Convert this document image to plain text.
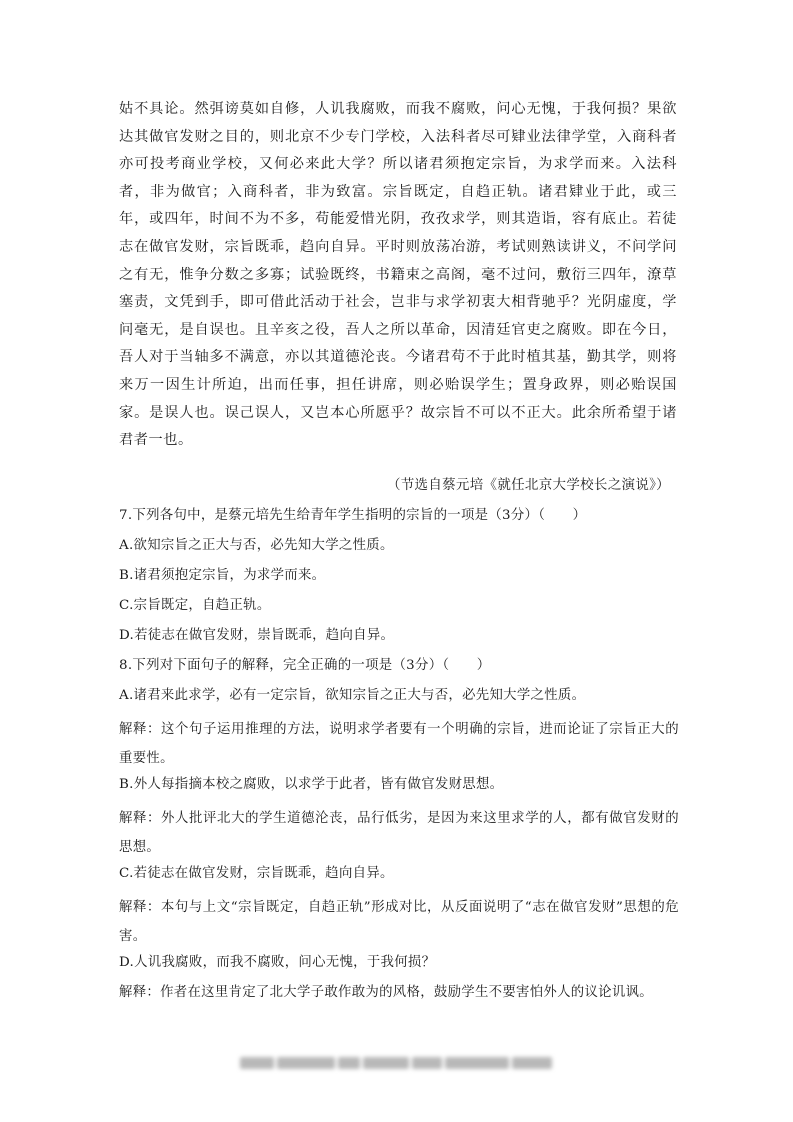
姑不具论。然弭谤莫如自修，人讥我腐败，而我不腐败，问心无愧，于我何损？果欲达其做官发财之目的，则北京不少专门学校，入法科者尽可肄业法律学堂，入商科者亦可投考商业学校，又何必来此大学？所以诸君须抱定宗旨，为求学而来。入法科者，非为做官；入商科者，非为致富。宗旨既定，自趋正轨。诸君肄业于此，或三年，或四年，时间不为不多，苟能爱惜光阴，孜孜求学，则其造诣，容有底止。若徒志在做官发财，宗旨既乖，趋向自异。平时则放荡冶游，考试则熟读讲义，不问学问之有无，惟争分数之多寡；试验既终，书籍束之高阁，毫不过问，敷衍三四年，潦草塞责，文凭到手，即可借此活动于社会，岂非与求学初衷大相背驰乎？光阴虚度，学问毫无，是自误也。且辛亥之役，吾人之所以革命，因清廷官吏之腐败。即在今日，吾人对于当轴多不满意，亦以其道德沦丧。今诸君苟不于此时植其基，勤其学，则将来万一因生计所迫，出而任事，担任讲席，则必贻误学生；置身政界，则必贻误国家。是误人也。误己误人，又岂本心所愿乎？故宗旨不可以不正大。此余所希望于诸君者一也。

（节选自蔡元培《就任北京大学校长之演说》）
7.下列各句中，是蔡元培先生给青年学生指明的宗旨的一项是（3分）（　　）
A.欲知宗旨之正大与否，必先知大学之性质。
B.诸君须抱定宗旨，为求学而来。
C.宗旨既定，自趋正轨。
D.若徒志在做官发财，崇旨既乖，趋向自异。
8.下列对下面句子的解释，完全正确的一项是（3分）（　　）
A.诸君来此求学，必有一定宗旨，欲知宗旨之正大与否，必先知大学之性质。
解释：这个句子运用推理的方法，说明求学者要有一个明确的宗旨，进而论证了宗旨正大的重要性。
B.外人每指摘本校之腐败，以求学于此者，皆有做官发财思想。
解释：外人批评北大的学生道德沦丧，品行低劣，是因为来这里求学的人，都有做官发财的思想。
C.若徒志在做官发财，宗旨既乖，趋向自异。
解释：本句与上文“宗旨既定，自趋正轨”形成对比，从反面说明了“志在做官发财”思想的危害。
D.人讥我腐败，而我不腐败，问心无愧，于我何损？
解释：作者在这里肯定了北大学子敢作敢为的风格，鼓励学生不要害怕外人的议论讥讽。
